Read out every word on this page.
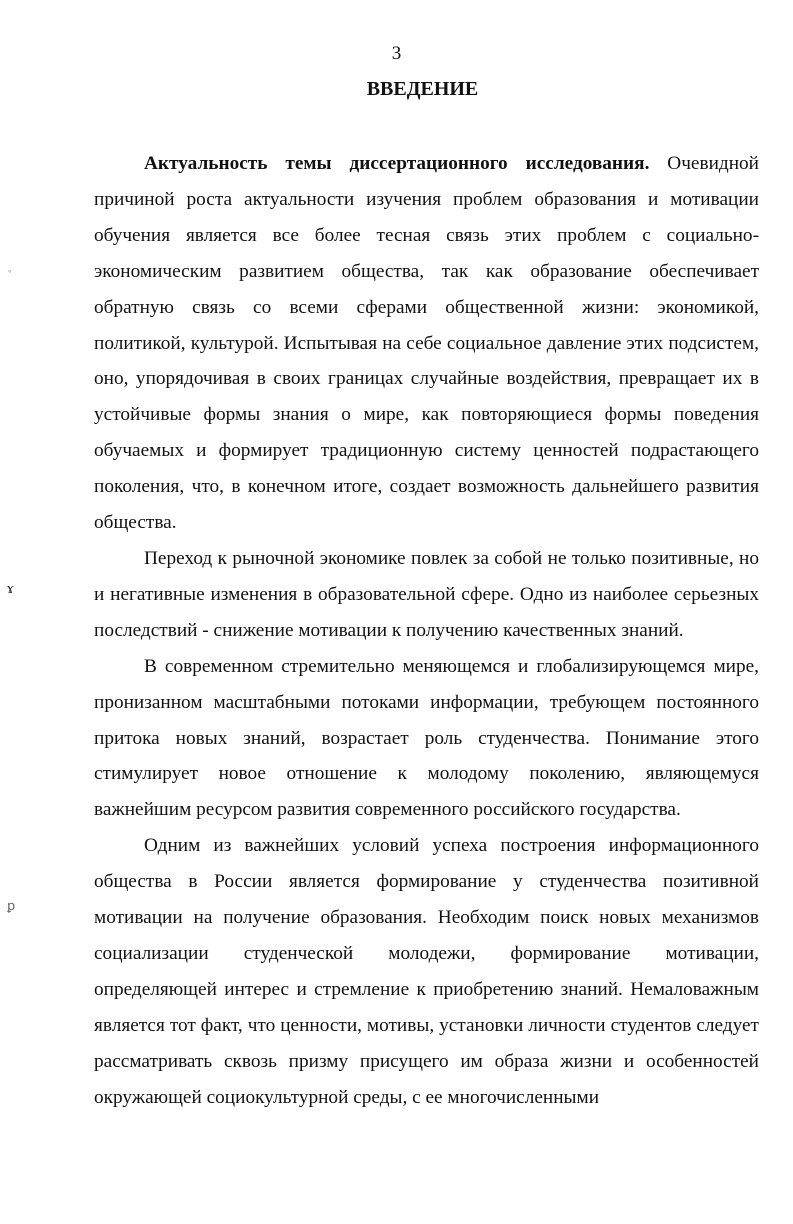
3
ВВЕДЕНИЕ

Актуальность темы диссертационного исследования. Очевидной причиной роста актуальности изучения проблем образования и мотивации обучения является все более тесная связь этих проблем с социально-экономическим развитием общества, так как образование обеспечивает обратную связь со всеми сферами общественной жизни: экономикой, политикой, культурой. Испытывая на себе социальное давление этих подсистем, оно, упорядочивая в своих границах случайные воздействия, превращает их в устойчивые формы знания о мире, как повторяющиеся формы поведения обучаемых и формирует традиционную систему ценностей подрастающего поколения, что, в конечном итоге, создает возможность дальнейшего развития общества.

Переход к рыночной экономике повлек за собой не только позитивные, но и негативные изменения в образовательной сфере. Одно из наиболее серьезных последствий - снижение мотивации к получению качественных знаний.

В современном стремительно меняющемся и глобализирующемся мире, пронизанном масштабными потоками информации, требующем постоянного притока новых знаний, возрастает роль студенчества. Понимание этого стимулирует новое отношение к молодому поколению, являющемуся важнейшим ресурсом развития современного российского государства.

Одним из важнейших условий успеха построения информационного общества в России является формирование у студенчества позитивной мотивации на получение образования. Необходим поиск новых механизмов социализации студенческой молодежи, формирование мотивации, определяющей интерес и стремление к приобретению знаний. Немаловажным является тот факт, что ценности, мотивы, установки личности студентов следует рассматривать сквозь призму присущего им образа жизни и особенностей окружающей социокультурной среды, с ее многочисленными

◦
ɤ
ꝑ
